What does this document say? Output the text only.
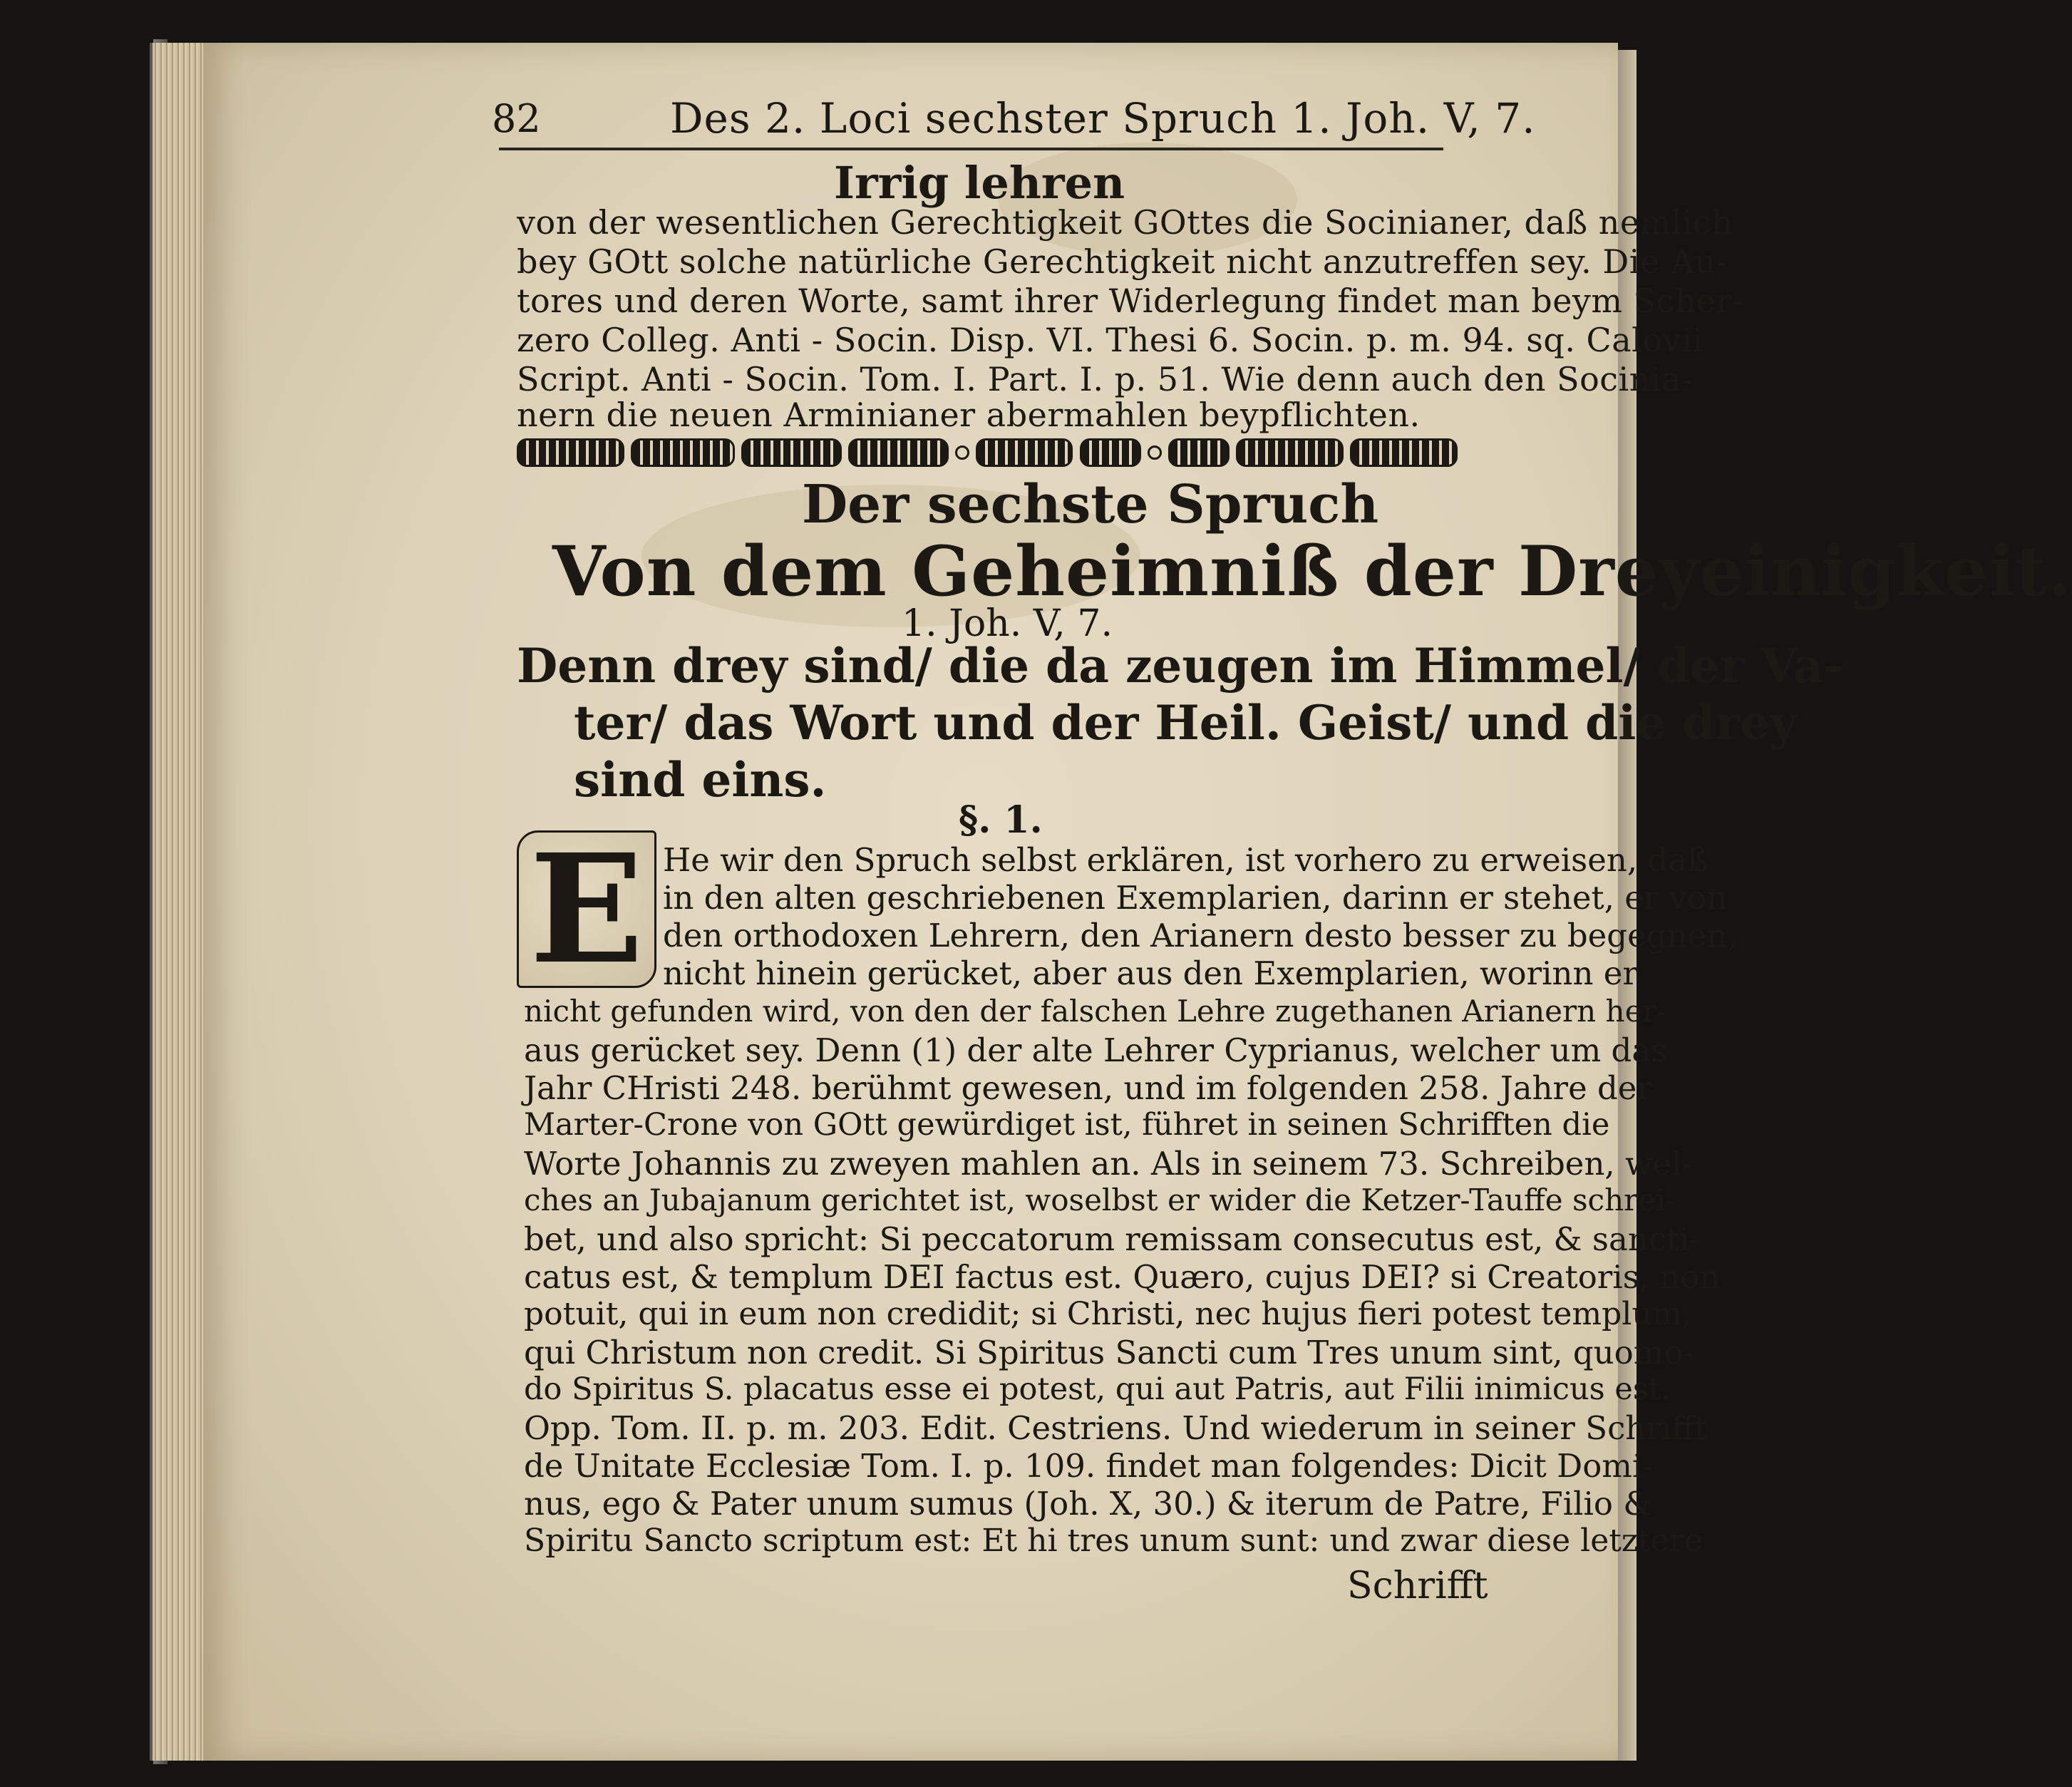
82	Des 2. Loci sechster Spruch 1. Joh. V, 7.
Irrig lehren
von der wesentlichen Gerechtigkeit GOttes die Socinianer, daß nemlich
bey GOtt solche natürliche Gerechtigkeit nicht anzutreffen sey. Die Au-
tores und deren Worte, samt ihrer Widerlegung findet man beym Scher-
zero Colleg. Anti - Socin. Disp. VI. Thesi 6. Socin. p. m. 94. sq. Calovii
Script. Anti - Socin. Tom. I. Part. I. p. 51. Wie denn auch den Socinia-
nern die neuen Arminianer abermahlen beypflichten.
Der sechste Spruch
Von dem Geheimniß der Dreyeinigkeit.
1. Joh. V, 7.
Denn drey sind/ die da zeugen im Himmel/ der Va-
ter/ das Wort und der Heil. Geist/ und die drey
sind eins.
§. 1.
E He wir den Spruch selbst erklären, ist vorhero zu erweisen, daß
in den alten geschriebenen Exemplarien, darinn er stehet, er von
den orthodoxen Lehrern, den Arianern desto besser zu begegnen,
nicht hinein gerücket, aber aus den Exemplarien, worinn er
nicht gefunden wird, von den der falschen Lehre zugethanen Arianern her-
aus gerücket sey. Denn (1) der alte Lehrer Cyprianus, welcher um das
Jahr CHristi 248. berühmt gewesen, und im folgenden 258. Jahre der
Marter-Crone von GOtt gewürdiget ist, führet in seinen Schrifften die
Worte Johannis zu zweyen mahlen an. Als in seinem 73. Schreiben, wel-
ches an Jubajanum gerichtet ist, woselbst er wider die Ketzer-Tauffe schrei-
bet, und also spricht: Si peccatorum remissam consecutus est, & sancti-
catus est, & templum DEI factus est. Quæro, cujus DEI? si Creatoris, non
potuit, qui in eum non credidit; si Christi, nec hujus fieri potest templum,
qui Christum non credit. Si Spiritus Sancti cum Tres unum sint, quomo-
do Spiritus S. placatus esse ei potest, qui aut Patris, aut Filii inimicus est.
Opp. Tom. II. p. m. 203. Edit. Cestriens. Und wiederum in seiner Schrifft
de Unitate Ecclesiæ Tom. I. p. 109. findet man folgendes: Dicit Domi-
nus, ego & Pater unum sumus (Joh. X, 30.) & iterum de Patre, Filio &
Spiritu Sancto scriptum est: Et hi tres unum sunt: und zwar diese letztere
Schrifft
